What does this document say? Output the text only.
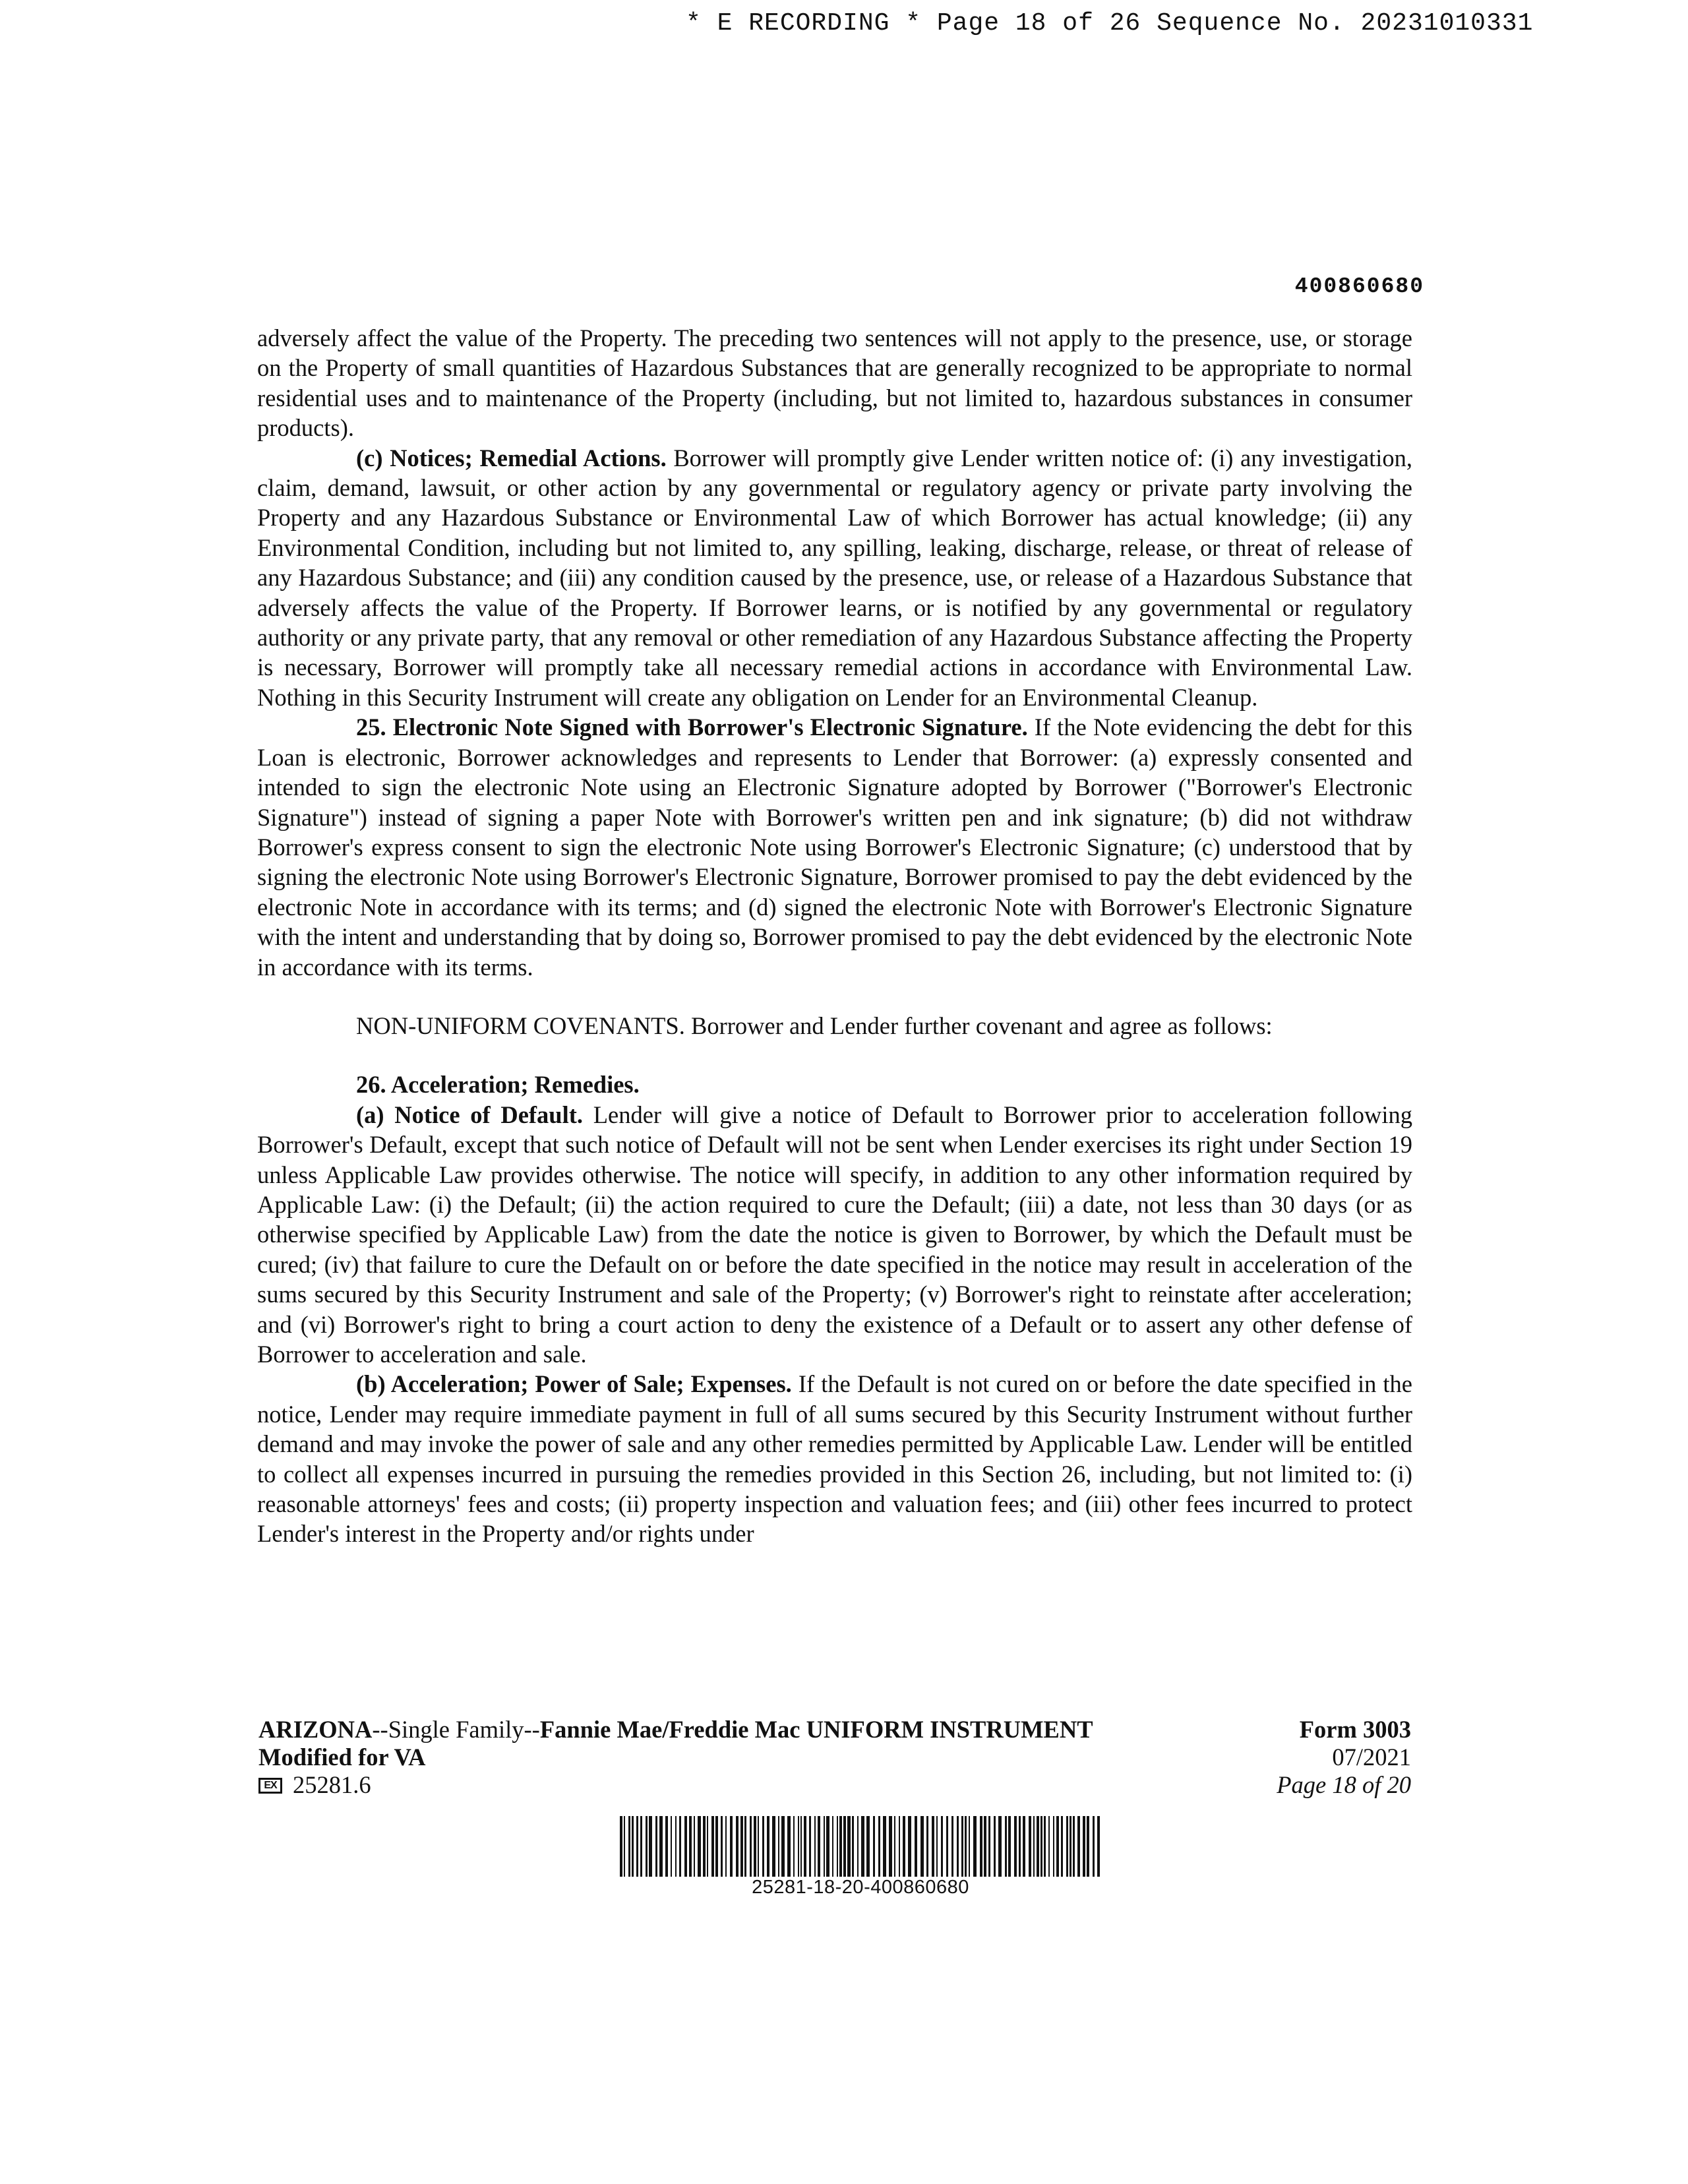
* E RECORDING * Page 18 of 26 Sequence No. 20231010331
400860680

adversely affect the value of the Property. The preceding two sentences will not apply to the presence, use, or storage on the Property of small quantities of Hazardous Substances that are generally recognized to be appropriate to normal residential uses and to maintenance of the Property (including, but not limited to, hazardous substances in consumer products).

(c) Notices; Remedial Actions. Borrower will promptly give Lender written notice of: (i) any investigation, claim, demand, lawsuit, or other action by any governmental or regulatory agency or private party involving the Property and any Hazardous Substance or Environmental Law of which Borrower has actual knowledge; (ii) any Environmental Condition, including but not limited to, any spilling, leaking, discharge, release, or threat of release of any Hazardous Substance; and (iii) any condition caused by the presence, use, or release of a Hazardous Substance that adversely affects the value of the Property. If Borrower learns, or is notified by any governmental or regulatory authority or any private party, that any removal or other remediation of any Hazardous Substance affecting the Property is necessary, Borrower will promptly take all necessary remedial actions in accordance with Environmental Law. Nothing in this Security Instrument will create any obligation on Lender for an Environmental Cleanup.

25. Electronic Note Signed with Borrower's Electronic Signature. If the Note evidencing the debt for this Loan is electronic, Borrower acknowledges and represents to Lender that Borrower: (a) expressly consented and intended to sign the electronic Note using an Electronic Signature adopted by Borrower ("Borrower's Electronic Signature") instead of signing a paper Note with Borrower's written pen and ink signature; (b) did not withdraw Borrower's express consent to sign the electronic Note using Borrower's Electronic Signature; (c) understood that by signing the electronic Note using Borrower's Electronic Signature, Borrower promised to pay the debt evidenced by the electronic Note in accordance with its terms; and (d) signed the electronic Note with Borrower's Electronic Signature with the intent and understanding that by doing so, Borrower promised to pay the debt evidenced by the electronic Note in accordance with its terms.

NON-UNIFORM COVENANTS. Borrower and Lender further covenant and agree as follows:

26. Acceleration; Remedies.

(a) Notice of Default. Lender will give a notice of Default to Borrower prior to acceleration following Borrower's Default, except that such notice of Default will not be sent when Lender exercises its right under Section 19 unless Applicable Law provides otherwise. The notice will specify, in addition to any other information required by Applicable Law: (i) the Default; (ii) the action required to cure the Default; (iii) a date, not less than 30 days (or as otherwise specified by Applicable Law) from the date the notice is given to Borrower, by which the Default must be cured; (iv) that failure to cure the Default on or before the date specified in the notice may result in acceleration of the sums secured by this Security Instrument and sale of the Property; (v) Borrower's right to reinstate after acceleration; and (vi) Borrower's right to bring a court action to deny the existence of a Default or to assert any other defense of Borrower to acceleration and sale.

(b) Acceleration; Power of Sale; Expenses. If the Default is not cured on or before the date specified in the notice, Lender may require immediate payment in full of all sums secured by this Security Instrument without further demand and may invoke the power of sale and any other remedies permitted by Applicable Law. Lender will be entitled to collect all expenses incurred in pursuing the remedies provided in this Section 26, including, but not limited to: (i) reasonable attorneys' fees and costs; (ii) property inspection and valuation fees; and (iii) other fees incurred to protect Lender's interest in the Property and/or rights under

ARIZONA--Single Family--Fannie Mae/Freddie Mac UNIFORM INSTRUMENT
Modified for VA
EX 25281.6
Form 3003
07/2021
Page 18 of 20
25281-18-20-400860680
